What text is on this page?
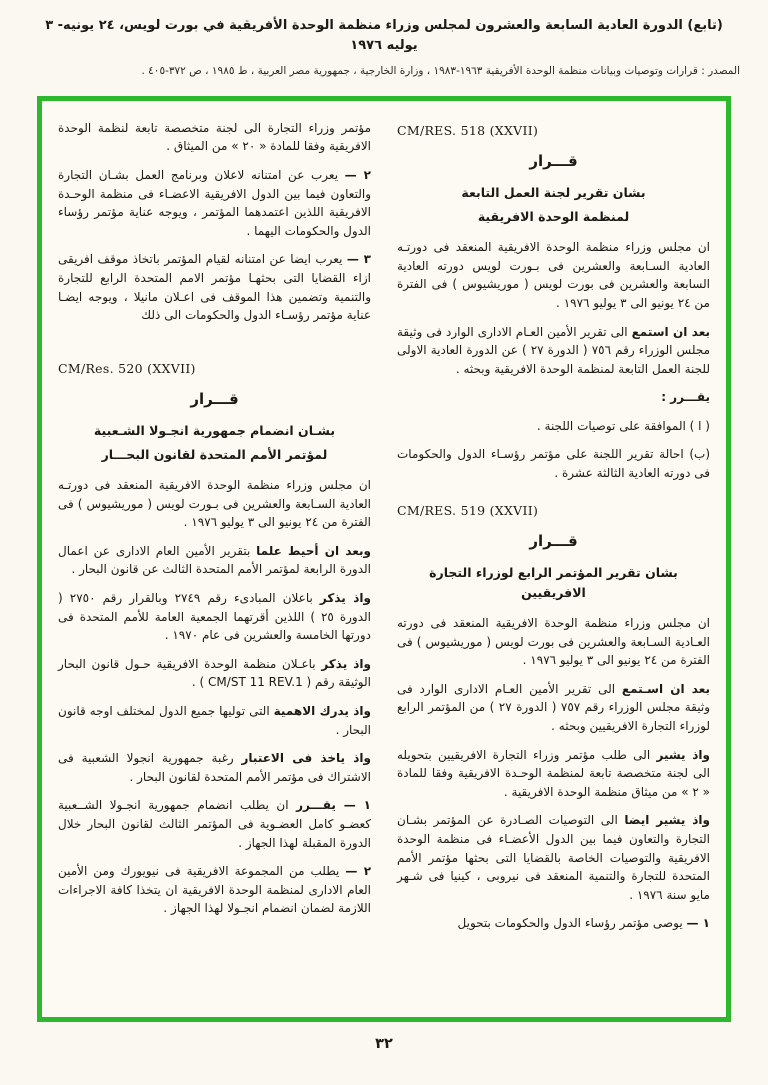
(تابع) الدورة العادية السابعة والعشرون لمجلس وزراء منظمة الوحدة الأفريقية في بورت لويس، ٢٤ يونيه- ٣ يوليه ١٩٧٦
المصدر : قرارات وتوصيات وبيانات منظمة الوحدة الأفريقية ١٩٦٣-١٩٨٣ ، وزارة الخارجية ، جمهورية مصر العربية ، ط ١٩٨٥ ، ص ٣٧٢-٤٠٥ .
CM/RES. 518 (XXVII)
قـــرار
بشان تقرير لجنة العمل التابعة
لمنظمة الوحدة الافريقية

ان مجلس وزراء منظمة الوحدة الافريقية المنعقد فى دورتـه العادية السـابعة والعشرين فى بـورت لويس دورته العادية السابعة والعشرين فى بورت لويس ( موريشيوس ) فى الفترة من ٢٤ يونيو الى ٣ يوليو ١٩٧٦ .

بعد ان استمع الى تقرير الأمين العـام الادارى الوارد فى وثيقة مجلس الوزراء رقم ٧٥٦ ( الدورة ٢٧ ) عن الدورة العادية الاولى للجنة العمل التابعة لمنظمة الوحدة الافريقية وبحثه .

يقـــرر :

( ا ) الموافقة على توصيات اللجنة .

(ب) احالة تقرير اللجنة على مؤتمر رؤسـاء الدول والحكومات فى دورته العادية الثالثة عشرة .

CM/RES. 519 (XXVII)
قـــرار
بشان تقرير المؤتمر الرابع لوزراء التجارة الافريقيين

ان مجلس وزراء منظمة الوحدة الافريقية المنعقد فى دورته العـادية السـابعة والعشرين فى بورت لويس ( موريشيوس ) فى الفترة من ٢٤ يونيو الى ٣ يوليو ١٩٧٦ .

بعد ان اسـتمع الى تقرير الأمين العـام الادارى الوارد فى وثيقة مجلس الوزراء رقم ٧٥٧ ( الدورة ٢٧ ) من المؤتمر الرابع لوزراء التجارة الافريقيين وبحثه .

واذ يشير الى طلب مؤتمر وزراء التجارة الافريقيين بتحويله الى لجنة متخصصة تابعة لمنظمة الوحـدة الافريقية وفقا للمادة « ٢ » من ميثاق منظمة الوحدة الافريقية .

واذ يشير ايضا الى التوصيات الصـادرة عن المؤتمر بشـان التجارة والتعاون فيما بين الدول الأعضـاء فى منظمة الوحدة الافريقية والتوصيات الخاصة بالقضايا التى بحثها مؤتمر الأمم المتحدة للتجارة والتنمية المنعقد فى نيروبى ، كينيا فى شـهر مايو سنة ١٩٧٦ .

١ — يوصى مؤتمر رؤساء الدول والحكومات بتحويل

مؤتمر وزراء التجارة الى لجنة متخصصة تابعة لنظمة الوحدة الافريقية وفقا للمادة « ٢٠ » من الميثاق .

٢ — يعرب عن امتنانه لاعلان وبرنامج العمل بشـان التجارة والتعاون فيما بين الدول الافريقية الاعضـاء فى منظمة الوحـدة الافريقية اللذين اعتمدهما المؤتمر ، ويوجه عناية مؤتمر رؤساء الدول والحكومات اليهما .

٣ — يعرب ايضا عن امتنانه لقيام المؤتمر باتخاذ موقف افريقى ازاء القضايا التى بحثهـا مؤتمر الامم المتحدة الرابع للتجارة والتنمية وتضمين هذا الموقف فى اعـلان مانيلا ، ويوجه ايضـا عناية مؤتمر رؤسـاء الدول والحكومات الى ذلك

CM/Res. 520 (XXVII)
قـــرار
بشـان انضمام جمهورية انجـولا الشـعبية
لمؤتمر الأمم المتحدة لقانون البحـــار

ان مجلس وزراء منظمة الوحدة الافريقية المنعقد فى دورتـه العادية السـابعة والعشرين فى بـورت لويس ( موريشيوس ) فى الفترة من ٢٤ يونيو الى ٣ يوليو ١٩٧٦ .

وبعد ان أحيط علما بتقرير الأمين العام الادارى عن اعمال الدورة الرابعة لمؤتمر الأمم المتحدة الثالث عن قانون البحار .

واذ يذكر باعلان المبادىء رقم ٢٧٤٩ وبالقرار رقم ٢٧٥٠ ( الدورة ٢٥ ) اللذين أقرتهما الجمعية العامة للأمم المتحدة فى دورتها الخامسة والعشرين فى عام ١٩٧٠ .

واذ يذكر باعـلان منظمة الوحدة الافريقية حـول قانون البحار الوثيقة رقم ( CM/ST 11 REV.1 ) .

واذ يدرك الاهمية التى توليها جميع الدول لمختلف اوجه قانون البحار .

واذ ياخذ فى الاعتبار رغبة جمهورية انجولا الشعبية فى الاشتراك فى مؤتمر الأمم المتحدة لقانون البحار .

١ — يقـــرر ان يطلب انضمام جمهورية انجـولا الشــعبية كعضـو كامل العضـوية فى المؤتمر الثالث لقانون البحار خلال الدورة المقبلة لهذا الجهاز .

٢ — يطلب من المجموعة الافريقية فى نيويورك ومن الأمين العام الادارى لمنظمة الوحدة الافريقية ان يتخذا كافة الاجراءات اللازمة لضمان انضمام انجـولا لهذا الجهاز .

٣٢
